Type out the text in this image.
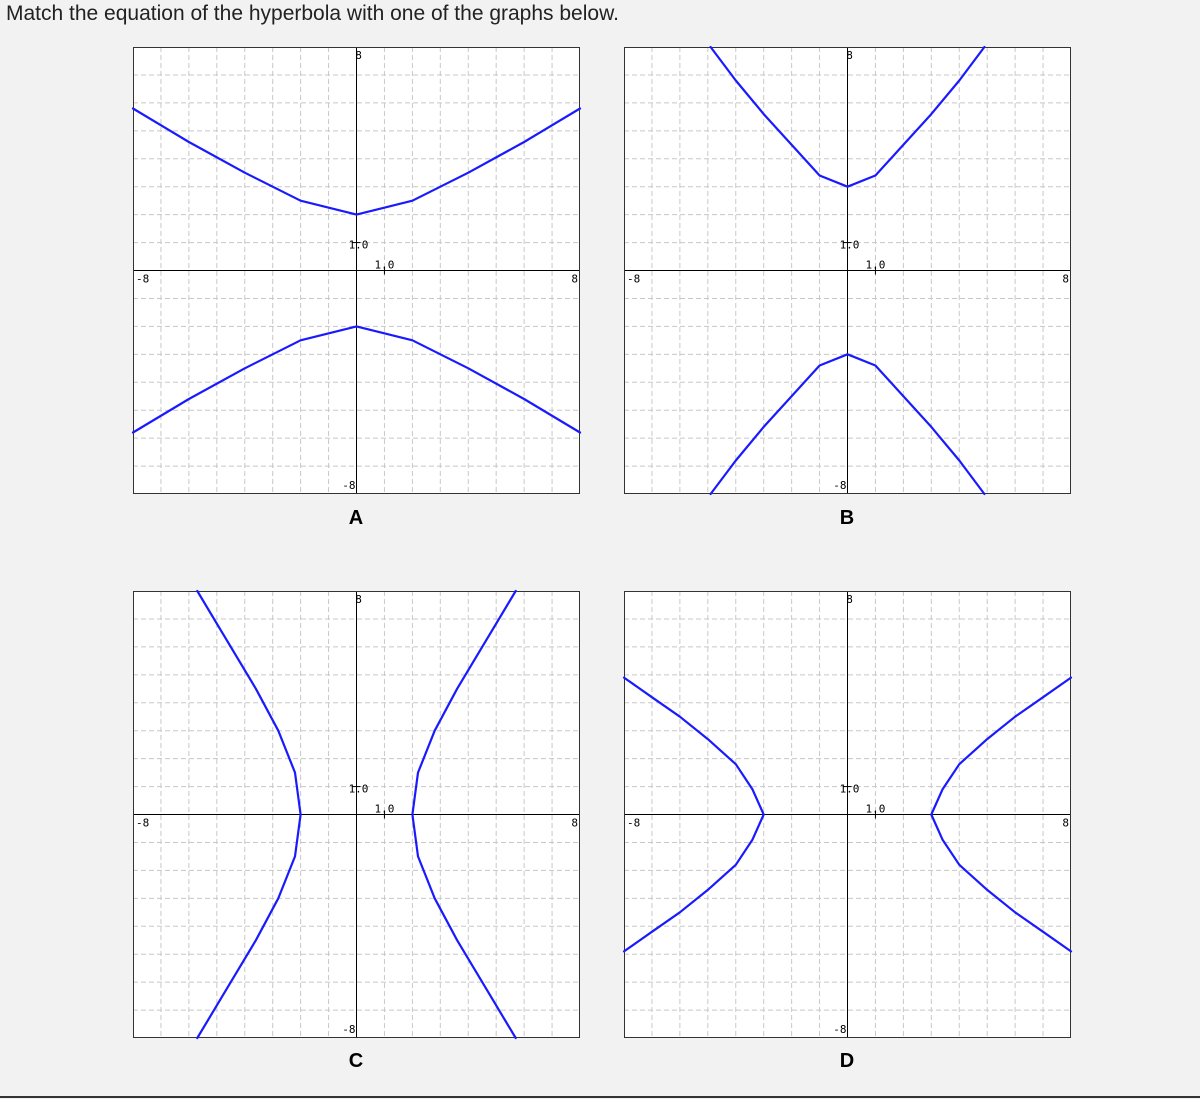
Match the equation of the hyperbola with one of the graphs below.
-8	8
8
-8
1.0
1.0
A
-8	8
8
-8
1.0
1.0
B
-8	8
8
-8
1.0
1.0
C
-8	8
8
-8
1.0
1.0
D
